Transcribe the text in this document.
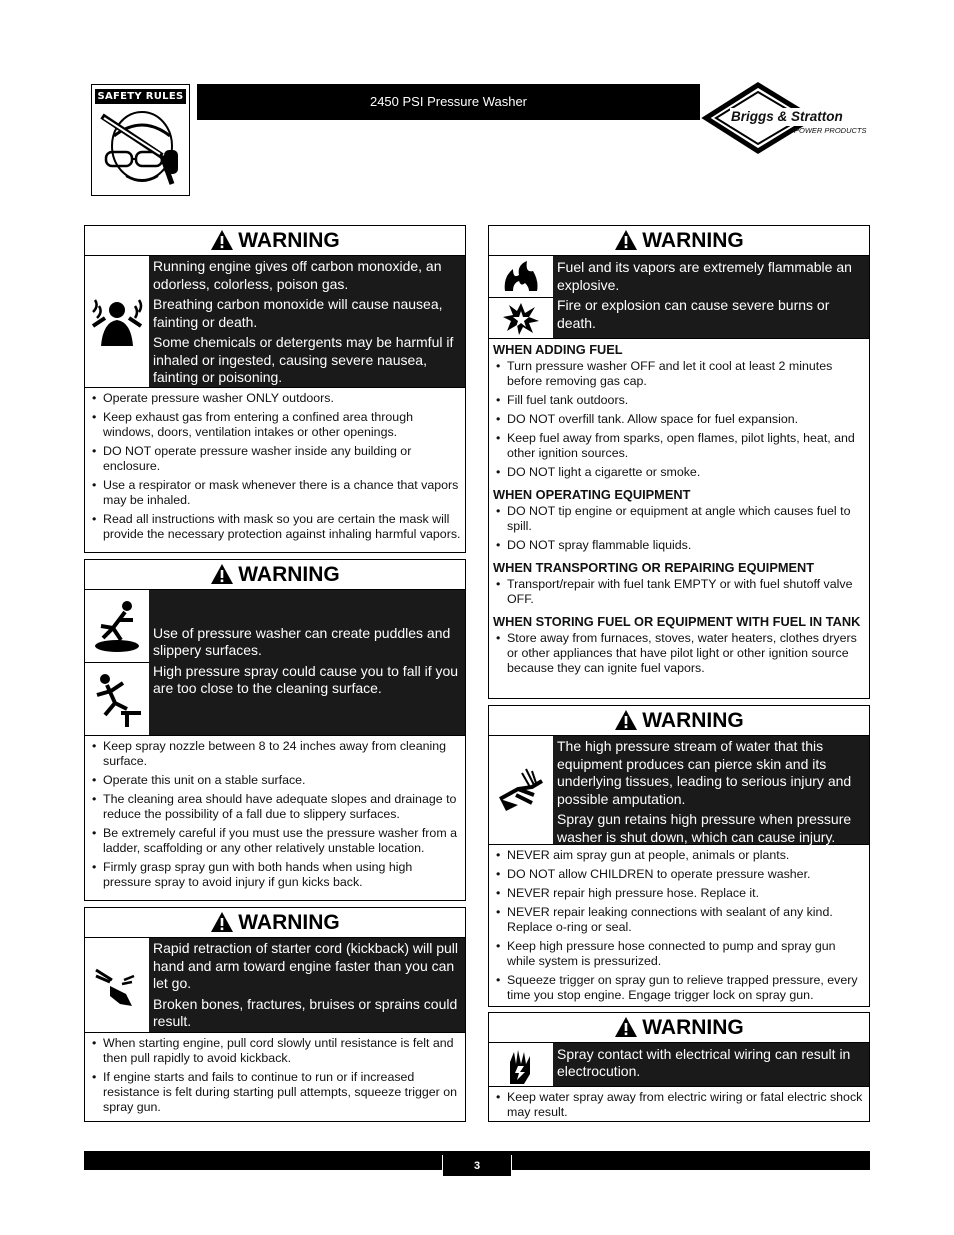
SAFETY RULES	2450 PSI Pressure Washer
Briggs & Stratton
POWER PRODUCTS
WARNING

Running engine gives off carbon monoxide, an odorless, colorless, poison gas.

Breathing carbon monoxide will cause nausea, fainting or death.

Some chemicals or detergents may be harmful if inhaled or ingested, causing severe nausea, fainting or poisoning.

• Operate pressure washer ONLY outdoors.
• Keep exhaust gas from entering a confined area through windows, doors, ventilation intakes or other openings.
• DO NOT operate pressure washer inside any building or enclosure.
• Use a respirator or mask whenever there is a chance that vapors may be inhaled.
• Read all instructions with mask so you are certain the mask will provide the necessary protection against inhaling harmful vapors.
WARNING

Use of pressure washer can create puddles and slippery surfaces.

High pressure spray could cause you to fall if you are too close to the cleaning surface.

• Keep spray nozzle between 8 to 24 inches away from cleaning surface.
• Operate this unit on a stable surface.
• The cleaning area should have adequate slopes and drainage to reduce the possibility of a fall due to slippery surfaces.
• Be extremely careful if you must use the pressure washer from a ladder, scaffolding or any other relatively unstable location.
• Firmly grasp spray gun with both hands when using high pressure spray to avoid injury if gun kicks back.
WARNING

Rapid retraction of starter cord (kickback) will pull hand and arm toward engine faster than you can let go.

Broken bones, fractures, bruises or sprains could result.

• When starting engine, pull cord slowly until resistance is felt and then pull rapidly to avoid kickback.
• If engine starts and fails to continue to run or if increased resistance is felt during starting pull attempts, squeeze trigger on spray gun.
WARNING

Fuel and its vapors are extremely flammable an explosive.

Fire or explosion can cause severe burns or death.

WHEN ADDING FUEL
• Turn pressure washer OFF and let it cool at least 2 minutes before removing gas cap.
• Fill fuel tank outdoors.
• DO NOT overfill tank. Allow space for fuel expansion.
• Keep fuel away from sparks, open flames, pilot lights, heat, and other ignition sources.
• DO NOT light a cigarette or smoke.
WHEN OPERATING EQUIPMENT
• DO NOT tip engine or equipment at angle which causes fuel to spill.
• DO NOT spray flammable liquids.
WHEN TRANSPORTING OR REPAIRING EQUIPMENT
• Transport/repair with fuel tank EMPTY or with fuel shutoff valve OFF.
WHEN STORING FUEL OR EQUIPMENT WITH FUEL IN TANK
• Store away from furnaces, stoves, water heaters, clothes dryers or other appliances that have pilot light or other ignition source because they can ignite fuel vapors.
WARNING

The high pressure stream of water that this equipment produces can pierce skin and its underlying tissues, leading to serious injury and possible amputation.

Spray gun retains high pressure when pressure washer is shut down, which can cause injury.

• NEVER aim spray gun at people, animals or plants.
• DO NOT allow CHILDREN to operate pressure washer.
• NEVER repair high pressure hose. Replace it.
• NEVER repair leaking connections with sealant of any kind. Replace o-ring or seal.
• Keep high pressure hose connected to pump and spray gun while system is pressurized.
• Squeeze trigger on spray gun to relieve trapped pressure, every time you stop engine. Engage trigger lock on spray gun.
WARNING

Spray contact with electrical wiring can result in electrocution.

• Keep water spray away from electric wiring or fatal electric shock may result.
3
